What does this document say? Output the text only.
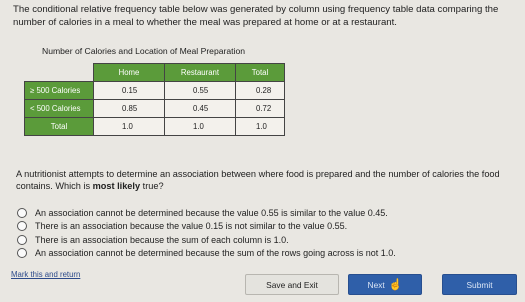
The conditional relative frequency table below was generated by column using frequency table data comparing the number of calories in a meal to whether the meal was prepared at home or at a restaurant.
Number of Calories and Location of Meal Preparation
	Home	Restaurant	Total
≥ 500 Calories	0.15	0.55	0.28
< 500 Calories	0.85	0.45	0.72
Total	1.0	1.0	1.0
A nutritionist attempts to determine an association between where food is prepared and the number of calories the food contains. Which is most likely true?
An association cannot be determined because the value 0.55 is similar to the value 0.45.
There is an association because the value 0.15 is not similar to the value 0.55.
There is an association because the sum of each column is 1.0.
An association cannot be determined because the sum of the rows going across is not 1.0.
Mark this and return
Save and Exit	Next ☝	Submit
